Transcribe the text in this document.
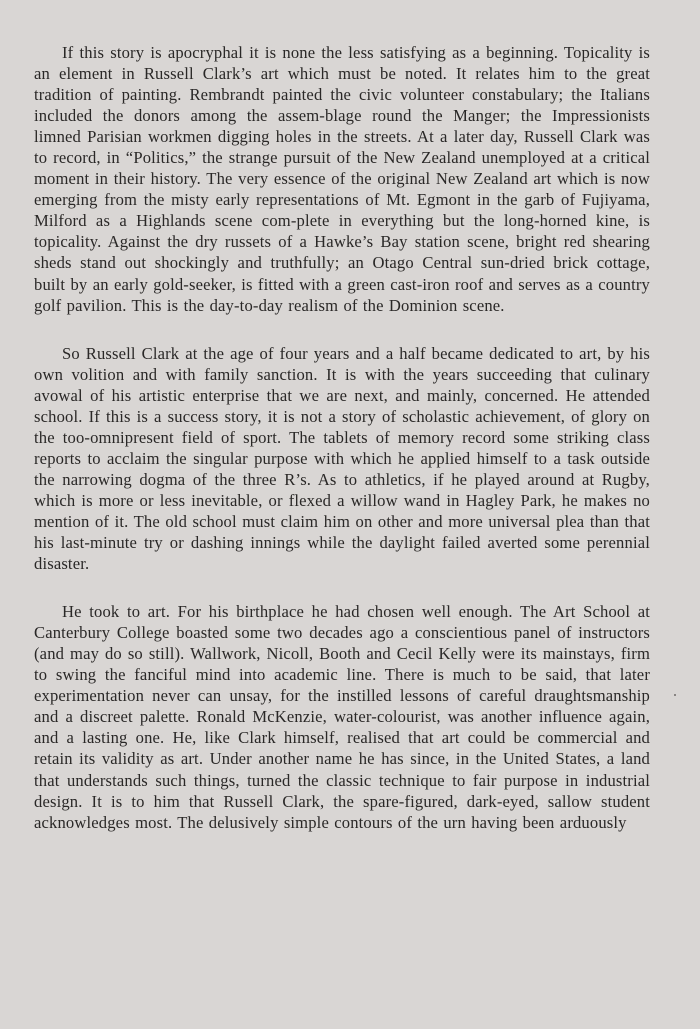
If this story is apocryphal it is none the less satisfying as a beginning. Topicality is an element in Russell Clark’s art which must be noted. It relates him to the great tradition of painting. Rembrandt painted the civic volunteer constabulary; the Italians included the donors among the assem-blage round the Manger; the Impressionists limned Parisian workmen digging holes in the streets. At a later day, Russell Clark was to record, in “Politics,” the strange pursuit of the New Zealand unemployed at a critical moment in their history. The very essence of the original New Zealand art which is now emerging from the misty early representations of Mt. Egmont in the garb of Fujiyama, Milford as a Highlands scene com-plete in everything but the long-horned kine, is topicality. Against the dry russets of a Hawke’s Bay station scene, bright red shearing sheds stand out shockingly and truthfully; an Otago Central sun-dried brick cottage, built by an early gold-seeker, is fitted with a green cast-iron roof and serves as a country golf pavilion. This is the day-to-day realism of the Dominion scene.

So Russell Clark at the age of four years and a half became dedicated to art, by his own volition and with family sanction. It is with the years succeeding that culinary avowal of his artistic enterprise that we are next, and mainly, concerned. He attended school. If this is a success story, it is not a story of scholastic achievement, of glory on the too-omnipresent field of sport. The tablets of memory record some striking class reports to acclaim the singular purpose with which he applied himself to a task outside the narrowing dogma of the three R’s. As to athletics, if he played around at Rugby, which is more or less inevitable, or flexed a willow wand in Hagley Park, he makes no mention of it. The old school must claim him on other and more universal plea than that his last-minute try or dashing innings while the daylight failed averted some perennial disaster.

He took to art. For his birthplace he had chosen well enough. The Art School at Canterbury College boasted some two decades ago a conscientious panel of instructors (and may do so still). Wallwork, Nicoll, Booth and Cecil Kelly were its mainstays, firm to swing the fanciful mind into academic line. There is much to be said, that later experimentation never can unsay, for the instilled lessons of careful draughtsmanship and a discreet palette. Ronald McKenzie, water-colourist, was another influence again, and a lasting one. He, like Clark himself, realised that art could be commercial and retain its validity as art. Under another name he has since, in the United States, a land that understands such things, turned the classic technique to fair purpose in industrial design. It is to him that Russell Clark, the spare-figured, dark-eyed, sallow student acknowledges most. The delusively simple contours of the urn having been arduously
